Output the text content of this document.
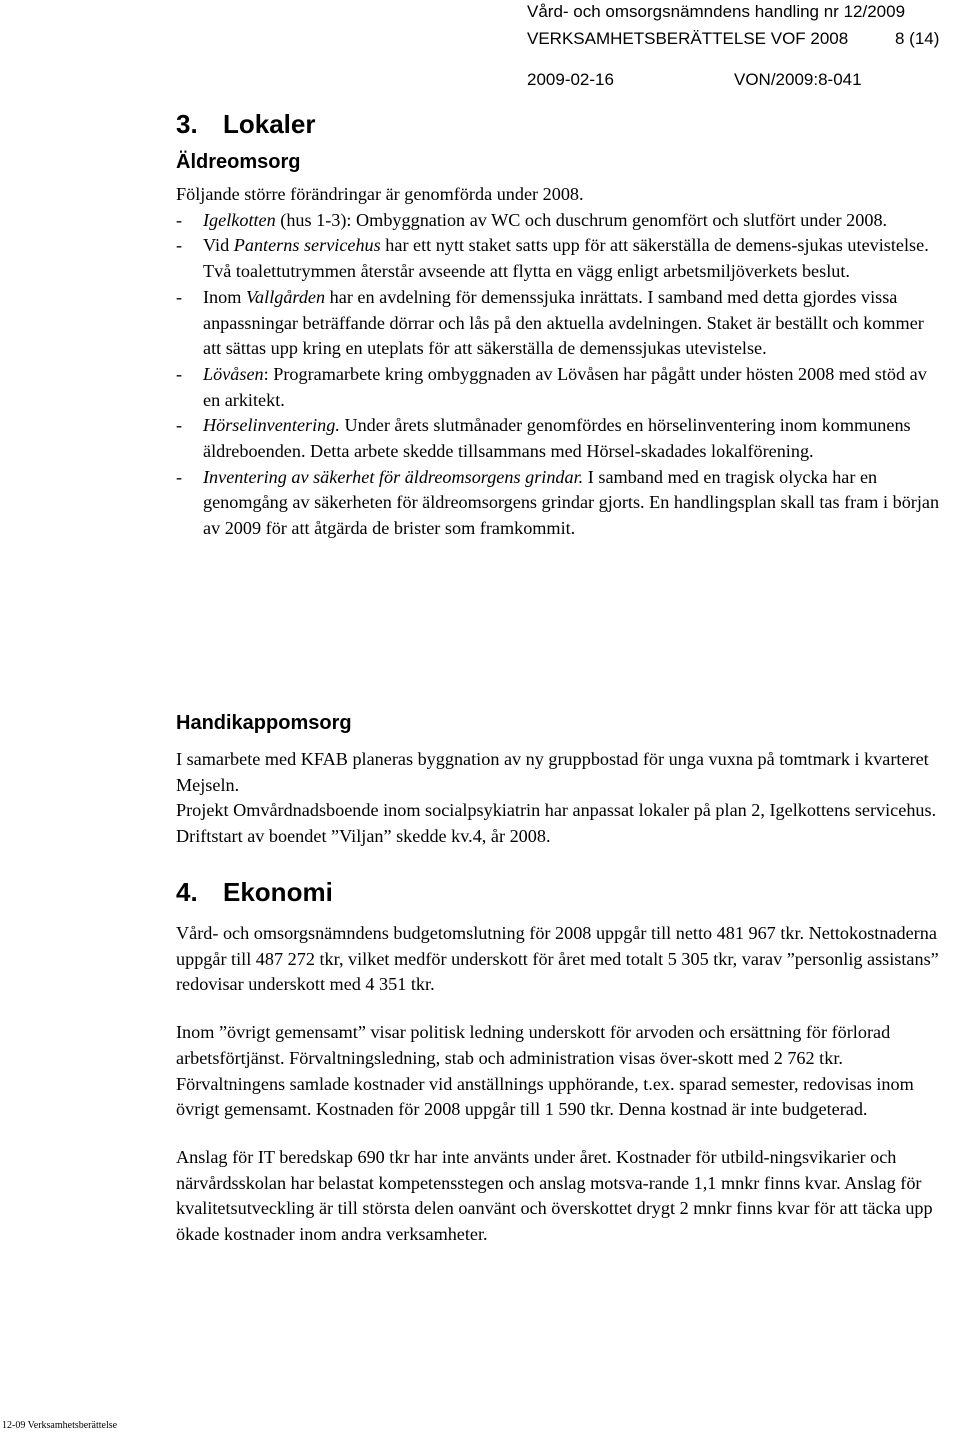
Vård- och omsorgsnämndens handling nr 12/2009
VERKSAMHETSBERÄTTELSE VOF 2008	8 (14)
2009-02-16	VON/2009:8-041
3. Lokaler
Äldreomsorg

Följande större förändringar är genomförda under 2008.

- Igelkotten (hus 1-3): Ombyggnation av WC och duschrum genomfört och slutfört under 2008.
- Vid Panterns servicehus har ett nytt staket satts upp för att säkerställa de demens-sjukas utevistelse. Två toalettutrymmen återstår avseende att flytta en vägg enligt arbetsmiljöverkets beslut.
- Inom Vallgården har en avdelning för demenssjuka inrättats. I samband med detta gjordes vissa anpassningar beträffande dörrar och lås på den aktuella avdelningen. Staket är beställt och kommer att sättas upp kring en uteplats för att säkerställa de demenssjukas utevistelse.
- Lövåsen: Programarbete kring ombyggnaden av Lövåsen har pågått under hösten 2008 med stöd av en arkitekt.
- Hörselinventering. Under årets slutmånader genomfördes en hörselinventering inom kommunens äldreboenden. Detta arbete skedde tillsammans med Hörsel-skadades lokalförening.
- Inventering av säkerhet för äldreomsorgens grindar. I samband med en tragisk olycka har en genomgång av säkerheten för äldreomsorgens grindar gjorts. En handlingsplan skall tas fram i början av 2009 för att åtgärda de brister som framkommit.
Handikappomsorg

I samarbete med KFAB planeras byggnation av ny gruppbostad för unga vuxna på tomtmark i kvarteret Mejseln.

Projekt Omvårdnadsboende inom socialpsykiatrin har anpassat lokaler på plan 2, Igelkottens servicehus. Driftstart av boendet ”Viljan” skedde kv.4, år 2008.

4. Ekonomi

Vård- och omsorgsnämndens budgetomslutning för 2008 uppgår till netto 481 967 tkr. Nettokostnaderna uppgår till 487 272 tkr, vilket medför underskott för året med totalt 5 305 tkr, varav ”personlig assistans” redovisar underskott med 4 351 tkr.

Inom ”övrigt gemensamt” visar politisk ledning underskott för arvoden och ersättning för förlorad arbetsförtjänst. Förvaltningsledning, stab och administration visas över-skott med 2 762 tkr. Förvaltningens samlade kostnader vid anställnings upphörande, t.ex. sparad semester, redovisas inom övrigt gemensamt. Kostnaden för 2008 uppgår till 1 590 tkr. Denna kostnad är inte budgeterad.

Anslag för IT beredskap 690 tkr har inte använts under året. Kostnader för utbild-ningsvikarier och närvårdsskolan har belastat kompetensstegen och anslag motsva-rande 1,1 mnkr finns kvar. Anslag för kvalitetsutveckling är till största delen oanvänt och överskottet drygt 2 mnkr finns kvar för att täcka upp ökade kostnader inom andra verksamheter.

12-09 Verksamhetsberättelse
